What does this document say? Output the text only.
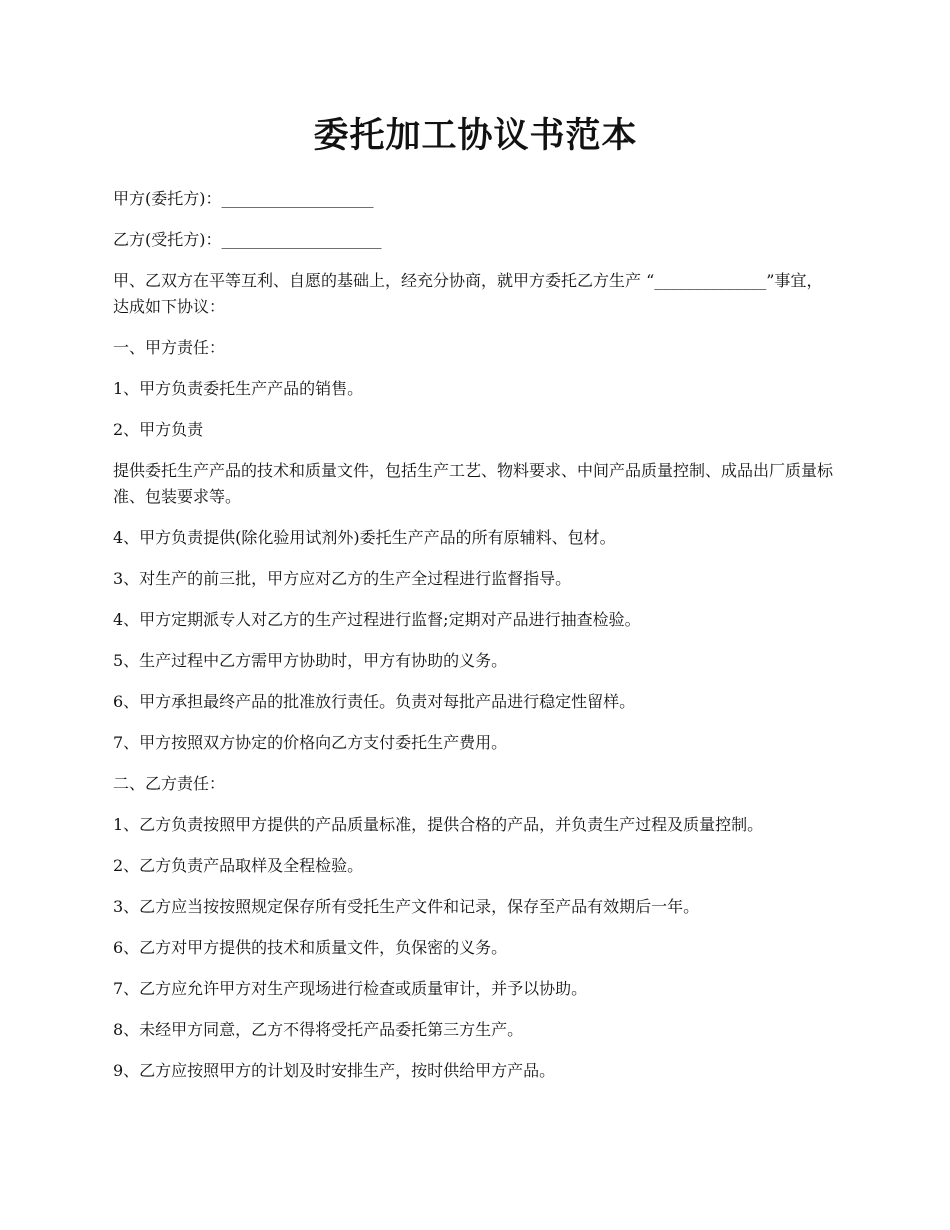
委托加工协议书范本

甲方(委托方)：___________________

乙方(受托方)：____________________

甲、乙双方在平等互利、自愿的基础上，经充分协商，就甲方委托乙方生产 “______________”事宜，达成如下协议：

一、甲方责任：

1、甲方负责委托生产产品的销售。

2、甲方负责

提供委托生产产品的技术和质量文件，包括生产工艺、物料要求、中间产品质量控制、成品出厂质量标准、包装要求等。

4、甲方负责提供(除化验用试剂外)委托生产产品的所有原辅料、包材。

3、对生产的前三批，甲方应对乙方的生产全过程进行监督指导。

4、甲方定期派专人对乙方的生产过程进行监督;定期对产品进行抽查检验。

5、生产过程中乙方需甲方协助时，甲方有协助的义务。

6、甲方承担最终产品的批准放行责任。负责对每批产品进行稳定性留样。

7、甲方按照双方协定的价格向乙方支付委托生产费用。

二、乙方责任：

1、乙方负责按照甲方提供的产品质量标准，提供合格的产品，并负责生产过程及质量控制。

2、乙方负责产品取样及全程检验。

3、乙方应当按按照规定保存所有受托生产文件和记录，保存至产品有效期后一年。

6、乙方对甲方提供的技术和质量文件，负保密的义务。

7、乙方应允许甲方对生产现场进行检查或质量审计，并予以协助。

8、未经甲方同意，乙方不得将受托产品委托第三方生产。

9、乙方应按照甲方的计划及时安排生产，按时供给甲方产品。
